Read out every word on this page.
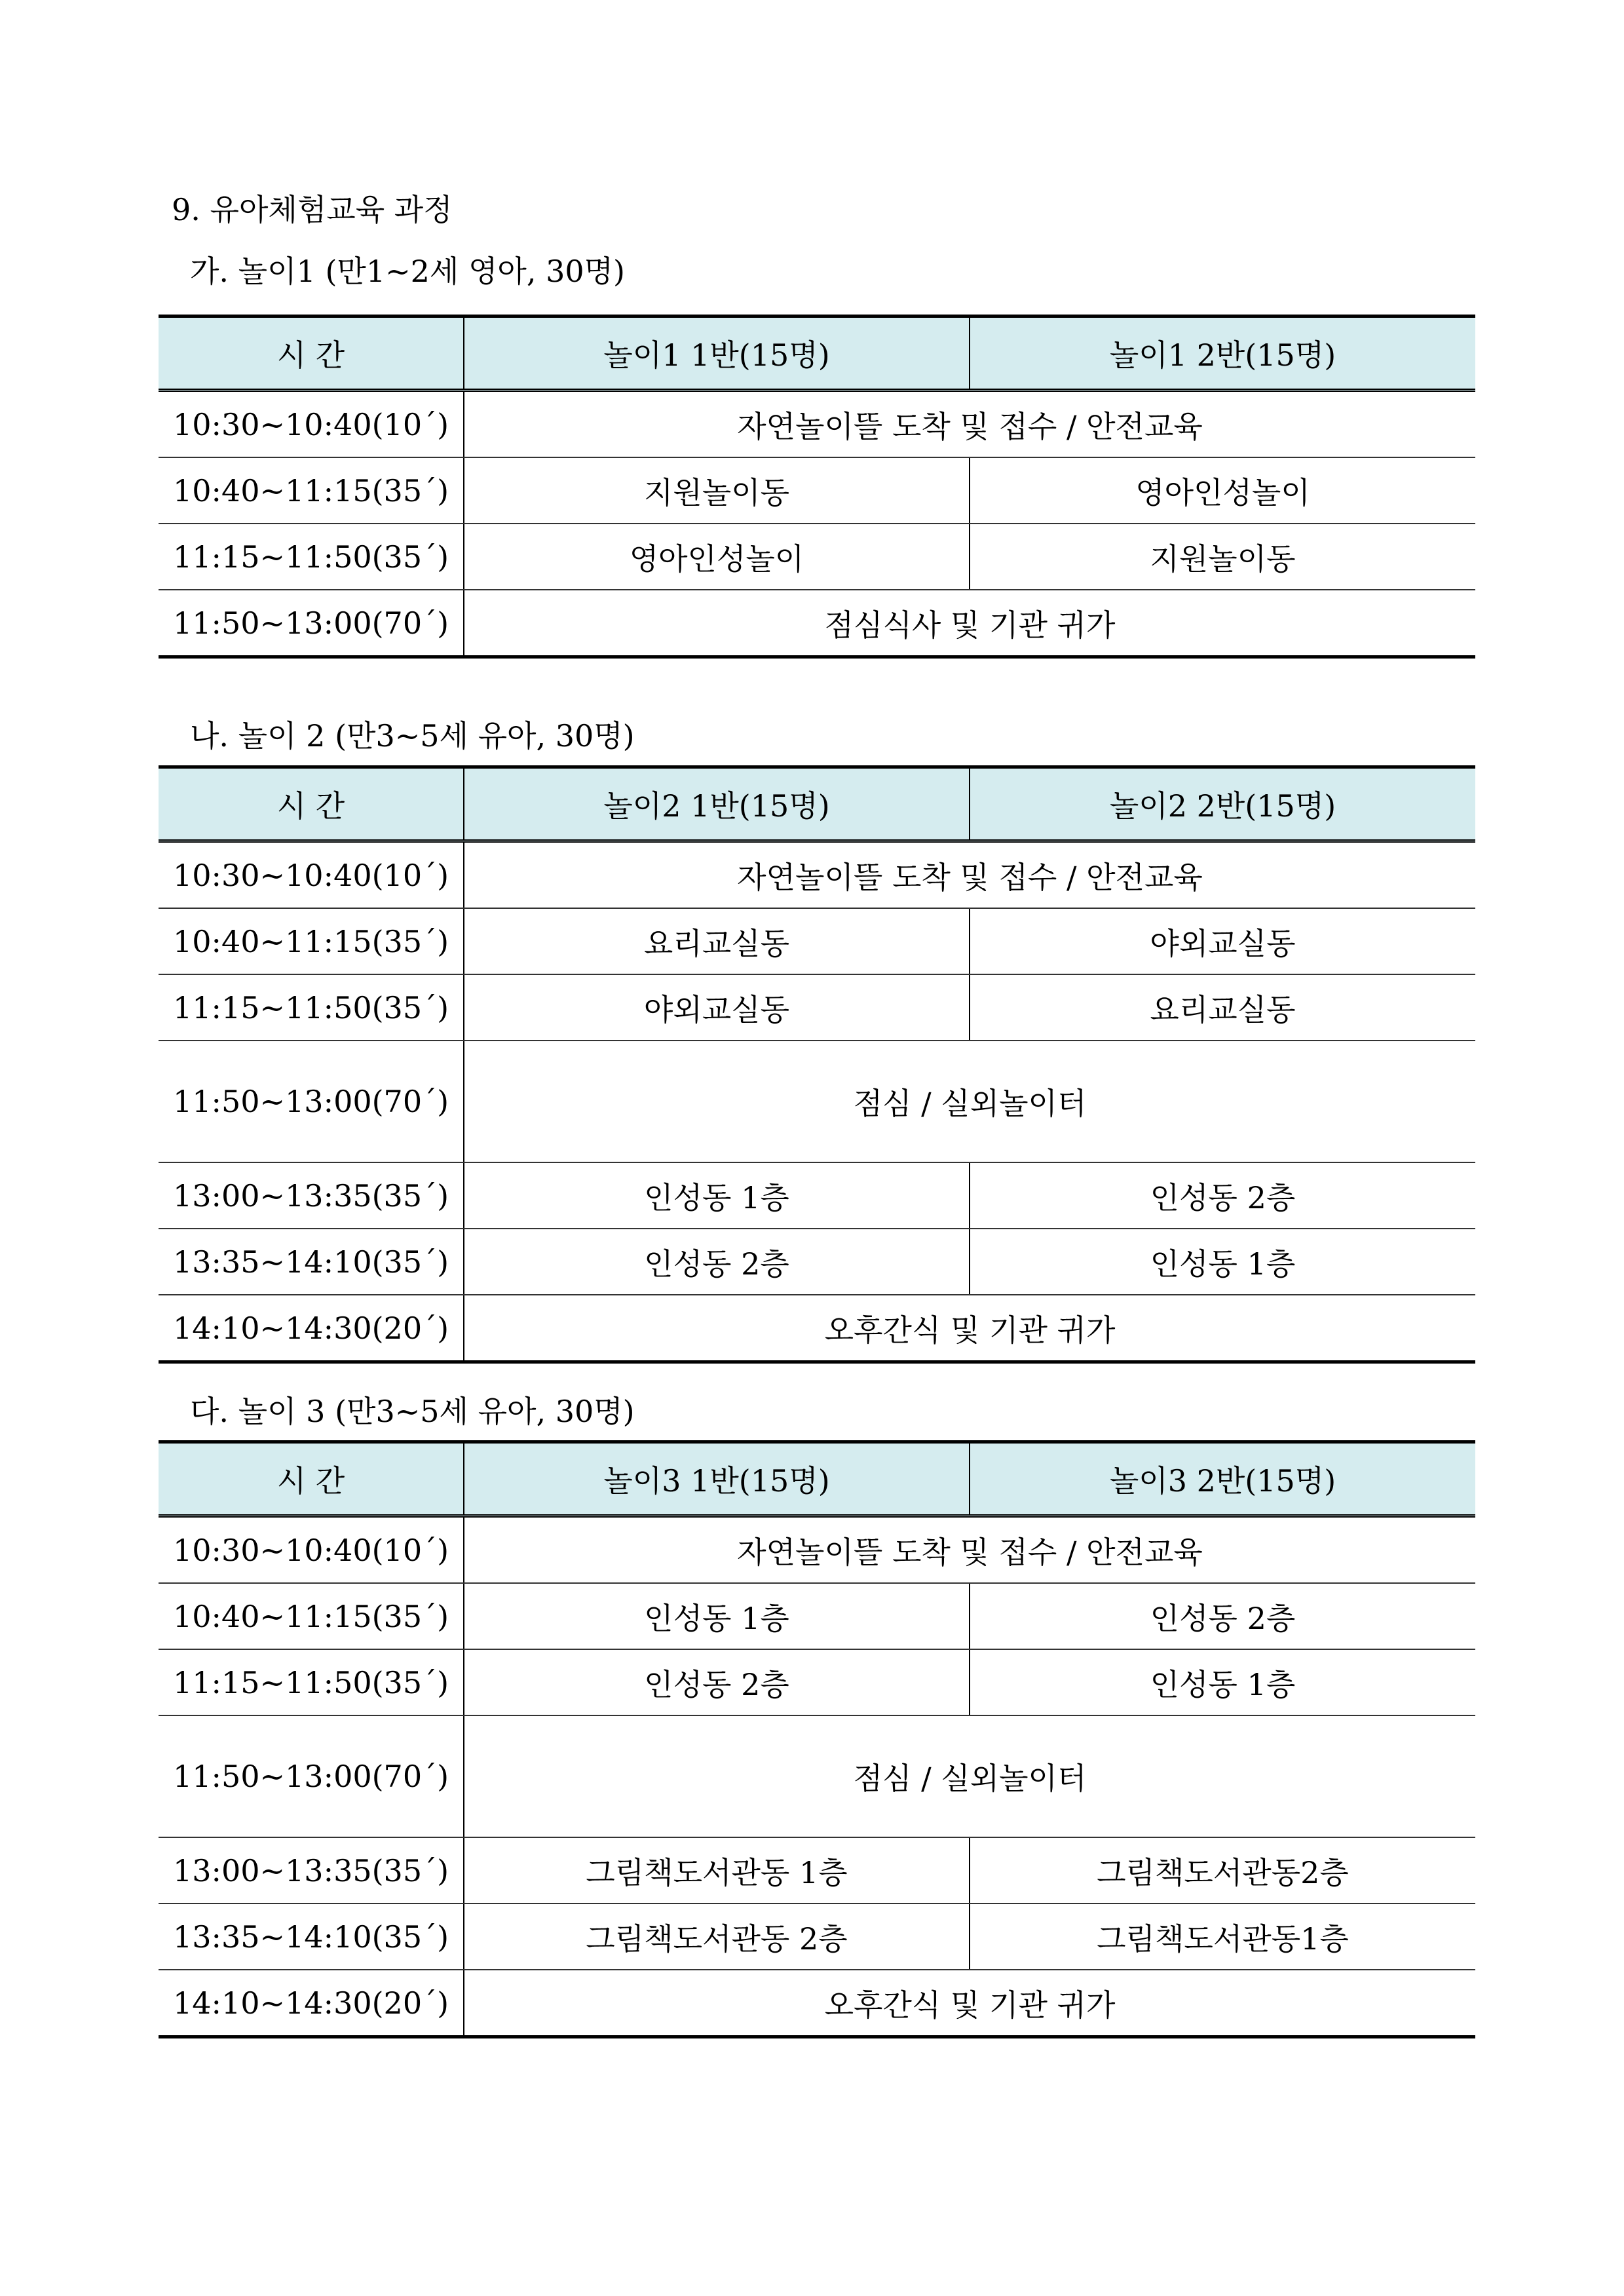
9. 유아체험교육 과정
가. 놀이1 (만1~2세 영아, 30명)
시 간	놀이1 1반(15명)	놀이1 2반(15명)
10:30~10:40(10´)	자연놀이뜰 도착 및 접수 / 안전교육	
10:40~11:15(35´)	지원놀이동	영아인성놀이
11:15~11:50(35´)	영아인성놀이	지원놀이동
11:50~13:00(70´)	점심식사 및 기관 귀가	
나. 놀이 2 (만3~5세 유아, 30명)
시 간	놀이2 1반(15명)	놀이2 2반(15명)
10:30~10:40(10´)	자연놀이뜰 도착 및 접수 / 안전교육	
10:40~11:15(35´)	요리교실동	야외교실동
11:15~11:50(35´)	야외교실동	요리교실동
11:50~13:00(70´)	점심 / 실외놀이터	
13:00~13:35(35´)	인성동 1층	인성동 2층
13:35~14:10(35´)	인성동 2층	인성동 1층
14:10~14:30(20´)	오후간식 및 기관 귀가	
다. 놀이 3 (만3~5세 유아, 30명)
시 간	놀이3 1반(15명)	놀이3 2반(15명)
10:30~10:40(10´)	자연놀이뜰 도착 및 접수 / 안전교육	
10:40~11:15(35´)	인성동 1층	인성동 2층
11:15~11:50(35´)	인성동 2층	인성동 1층
11:50~13:00(70´)	점심 / 실외놀이터	
13:00~13:35(35´)	그림책도서관동 1층	그림책도서관동2층
13:35~14:10(35´)	그림책도서관동 2층	그림책도서관동1층
14:10~14:30(20´)	오후간식 및 기관 귀가	
